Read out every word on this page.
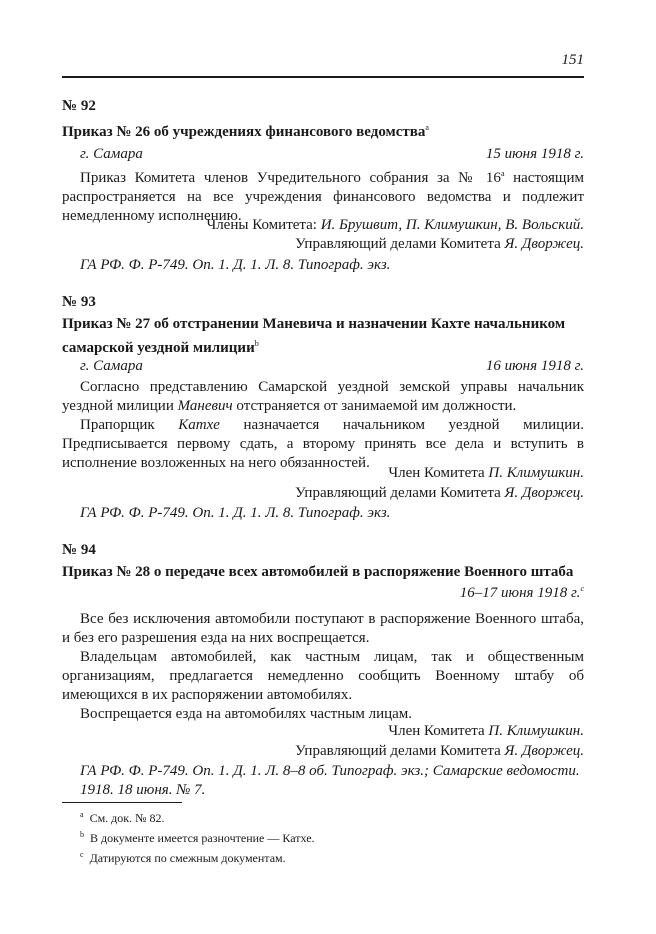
151
№ 92
Приказ № 26 об учреждениях финансового ведомства$^a$
г. Самара	15 июня 1918 г.

Приказ Комитета членов Учредительного собрания за № 16$^a$ настоящим распространяется на все учреждения финансового ведомства и подлежит немедленному исполнению.

Члены Комитета: И. Брушвит, П. Климушкин, В. Вольский.
Управляющий делами Комитета Я. Дворжец.

ГА РФ. Ф. Р-749. Оп. 1. Д. 1. Л. 8. Типограф. экз.

№ 93
Приказ № 27 об отстранении Маневича и назначении Кахте начальником
самарской уездной милиции$^b$
г. Самара	16 июня 1918 г.

Согласно представлению Самарской уездной земской управы начальник уездной милиции Маневич отстраняется от занимаемой им должности.

Прапорщик Катхе назначается начальником уездной милиции. Предписывается первому сдать, а второму принять все дела и вступить в исполнение возложенных на него обязанностей.

Член Комитета П. Климушкин.
Управляющий делами Комитета Я. Дворжец.

ГА РФ. Ф. Р-749. Оп. 1. Д. 1. Л. 8. Типограф. экз.

№ 94
Приказ № 28 о передаче всех автомобилей в распоряжение Военного штаба
16–17 июня 1918 г.$^c$

Все без исключения автомобили поступают в распоряжение Военного штаба, и без его разрешения езда на них воспрещается.

Владельцам автомобилей, как частным лицам, так и общественным организациям, предлагается немедленно сообщить Военному штабу об имеющихся в их распоряжении автомобилях.

Воспрещается езда на автомобилях частным лицам.

Член Комитета П. Климушкин.
Управляющий делами Комитета Я. Дворжец.

ГА РФ. Ф. Р-749. Оп. 1. Д. 1. Л. 8–8 об. Типограф. экз.; Самарские ведомости. 1918. 18 июня. № 7.

$^a$ См. док. № 82.
$^b$ В документе имеется разночтение — Катхе.
$^c$ Датируются по смежным документам.
